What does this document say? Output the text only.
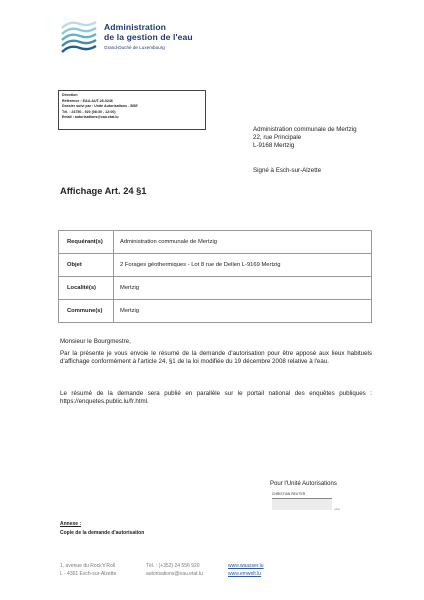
Administration
de la gestion de l'eau
Grand-Duché de Luxembourg
Direction
Référence : EAU-AUT-26-0246
Dossier suivi par : Unité Autorisations - BSE
Tél. : 24750 - 920 (08:30 - 12:00)
Email : autorisations@eau.etat.lu
Administration communale de Mertzig
22, rue Principale
L-9168 Mertzig
Signé à Esch-sur-Alzette
Affichage Art. 24 §1
Requérant(s)	Administration communale de Mertzig
Objet	2 Forages géothermiques - Lot 8 rue de Dellen L-9169 Mertzig
Localité(s)	Mertzig
Commune(s)	Mertzig
Monsieur le Bourgmestre,
Par la présente je vous envoie le résumé de la demande d'autorisation pour être apposé aux lieux habituels d'affichage conformément à l'article 24, §1 de la loi modifiée du 19 décembre 2008 relative à l'eau.
Le résumé de la demande sera publié en parallèle sur le portail national des enquêtes publiques : https://enquetes.public.lu/fr.html.
Pour l'Unité Autorisations
CHRISTIAN REUTER
(via)
Annexe :
Copie de la demande d'autorisation
1, avenue du Rock'n'Roll
L - 4361 Esch-sur-Alzette
Tél. : (+352) 24 556 920
autorisations@eau.etat.lu
www.waasser.lu
www.emwelt.lu
